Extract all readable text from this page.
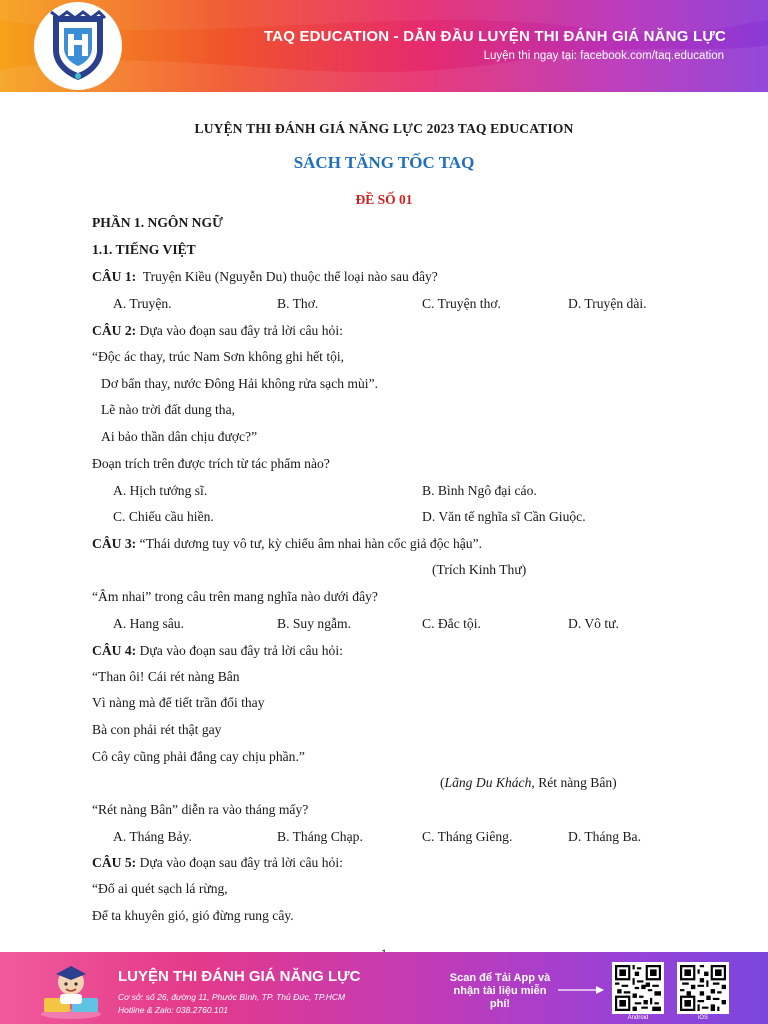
TAQ EDUCATION - DẪN ĐẦU LUYỆN THI ĐÁNH GIÁ NĂNG LỰC
Luyện thi ngay tại: facebook.com/taq.education
LUYỆN THI ĐÁNH GIÁ NĂNG LỰC 2023 TAQ EDUCATION
SÁCH TĂNG TỐC TAQ
ĐỀ SỐ 01
PHẦN 1. NGÔN NGỮ
1.1. TIẾNG VIỆT
CÂU 1: Truyện Kiều (Nguyễn Du) thuộc thể loại nào sau đây?
A. Truyện.	B. Thơ.	C. Truyện thơ.	D. Truyện dài.
CÂU 2: Dựa vào đoạn sau đây trả lời câu hỏi:
“Độc ác thay, trúc Nam Sơn không ghi hết tội,
Dơ bẩn thay, nước Đông Hải không rửa sạch mùi”.
Lẽ nào trời đất dung tha,
Ai bảo thần dân chịu được?”
Đoạn trích trên được trích từ tác phẩm nào?
A. Hịch tướng sĩ.	B. Bình Ngô đại cáo.
C. Chiếu cầu hiền.	D. Văn tế nghĩa sĩ Cần Giuộc.
CÂU 3: “Thái dương tuy vô tư, kỳ chiếu âm nhai hàn cốc giả độc hậu”.
(Trích Kinh Thư)
“Âm nhai” trong câu trên mang nghĩa nào dưới đây?
A. Hang sâu.	B. Suy ngẫm.	C. Đắc tội.	D. Vô tư.
CÂU 4: Dựa vào đoạn sau đây trả lời câu hỏi:
“Than ôi! Cái rét nàng Bân
Vì nàng mà để tiết trần đổi thay
Bà con phải rét thật gay
Cô cây cũng phải đắng cay chịu phần.”
(Lãng Du Khách, Rét nàng Bân)
“Rét nàng Bân” diễn ra vào tháng mấy?
A. Tháng Bảy.	B. Tháng Chạp.	C. Tháng Giêng.	D. Tháng Ba.
CÂU 5: Dựa vào đoạn sau đây trả lời câu hỏi:
“Đố ai quét sạch lá rừng,
Để ta khuyên gió, gió đừng rung cây.
LUYỆN THI ĐÁNH GIÁ NĂNG LỰC
Cơ sở: số 26, đường 11, Phước Bình, TP. Thủ Đức, TP.HCM
Hotline & Zalo: 038.2760.101
Scan để Tải App và nhận tài liệu miễn phí!
Android	iOS
